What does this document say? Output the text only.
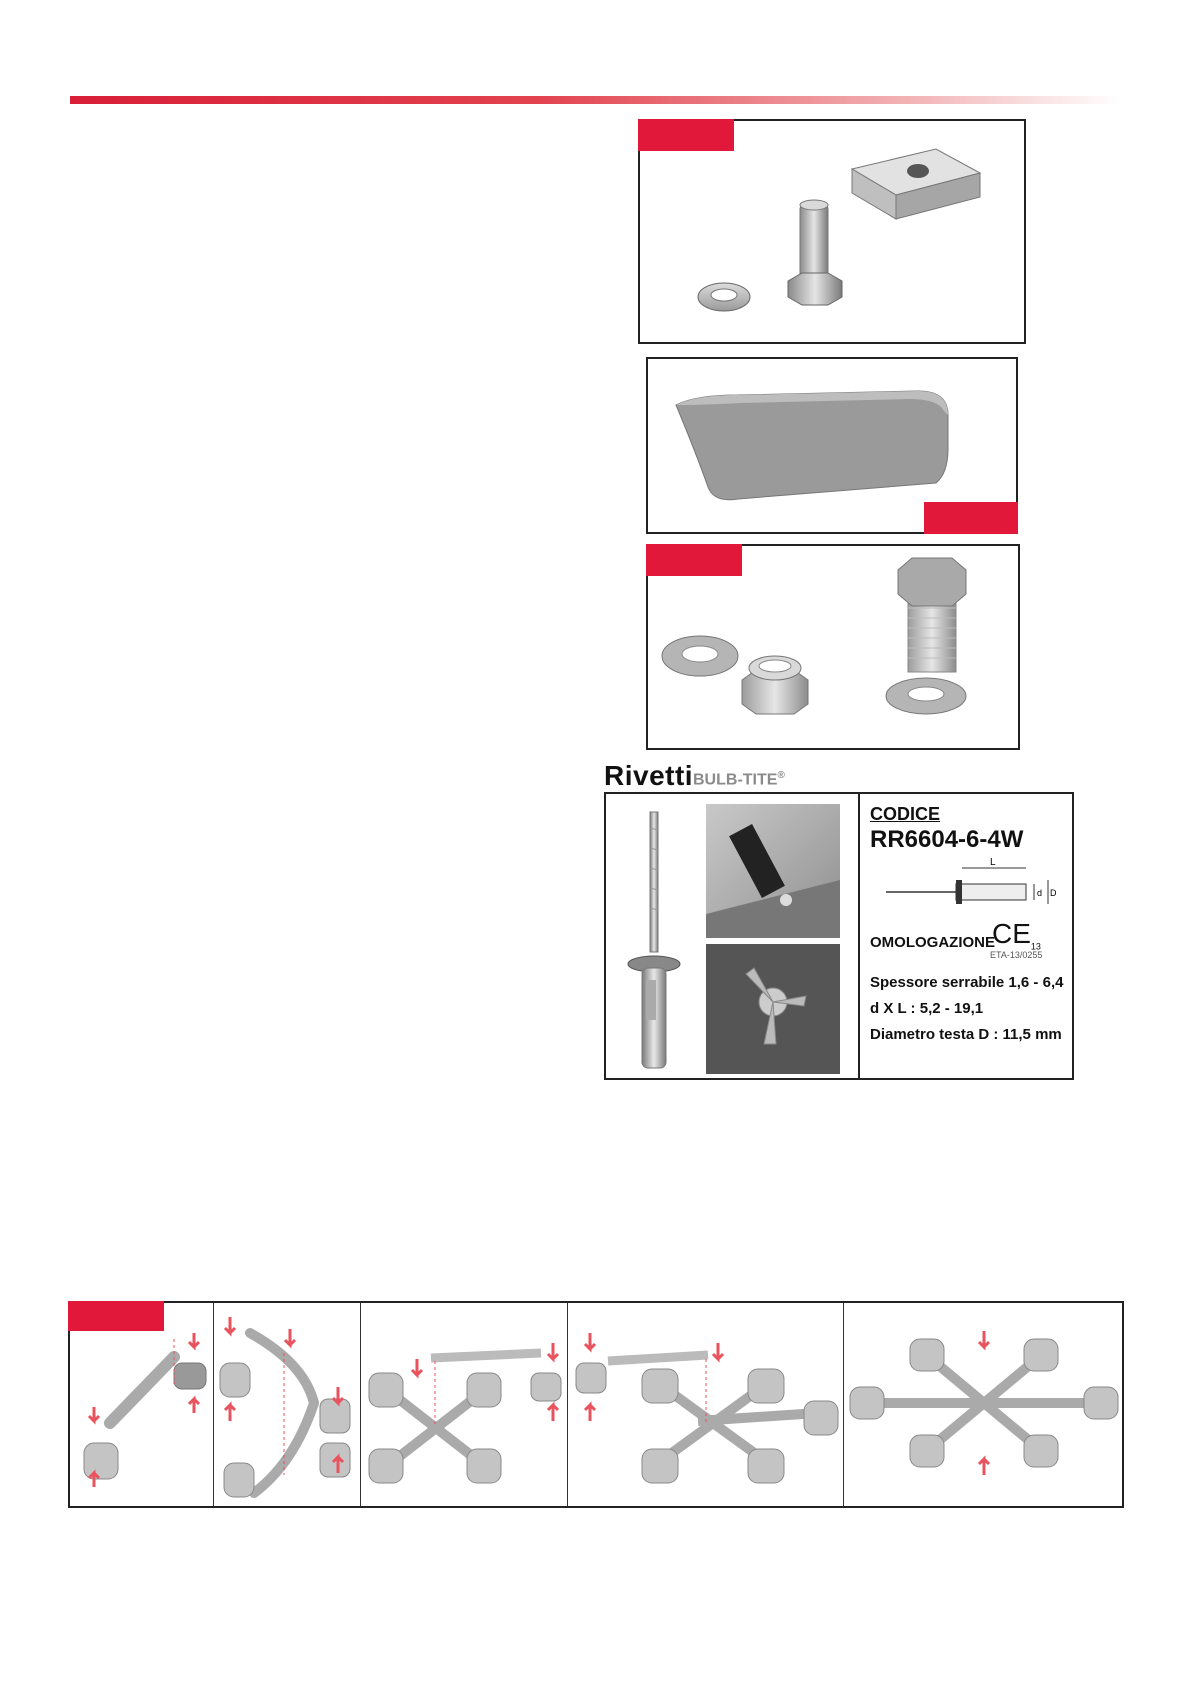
Rivetti BULB-TITE®
CODICE
RR6604-6-4W
L
d D
OMOLOGAZIONE
$CE_{13}$
ETA-13/0255
Spessore serrabile 1,6 - 6,4
d X L : 5,2 - 19,1
Diametro testa D : 11,5 mm
